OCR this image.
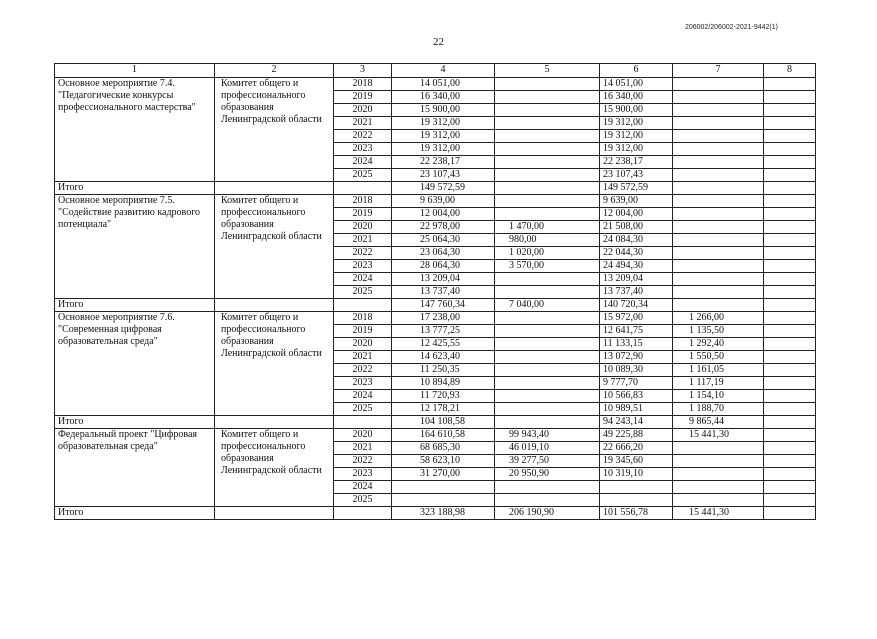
206002/206002-2021-9442(1)
22
1	2	3	4	5	6	7	8
Основное мероприятие 7.4. "Педагогические конкурсы профессионального мастерства"	Комитет общего и профессионального образования Ленинградской области	2018	14 051,00		14 051,00		
		2019	16 340,00		16 340,00		
		2020	15 900,00		15 900,00		
		2021	19 312,00		19 312,00		
		2022	19 312,00		19 312,00		
		2023	19 312,00		19 312,00		
		2024	22 238,17		22 238,17		
		2025	23 107,43		23 107,43		
Итого			149 572,59		149 572,59		
Основное мероприятие 7.5. "Содействие развитию кадрового потенциала"	Комитет общего и профессионального образования Ленинградской области	2018	9 639,00		9 639,00		
		2019	12 004,00		12 004,00		
		2020	22 978,00	1 470,00	21 508,00		
		2021	25 064,30	980,00	24 084,30		
		2022	23 064,30	1 020,00	22 044,30		
		2023	28 064,30	3 570,00	24 494,30		
		2024	13 209,04		13 209,04		
		2025	13 737,40		13 737,40		
Итого			147 760,34	7 040,00	140 720,34		
Основное мероприятие 7.6. "Современная цифровая образовательная среда"	Комитет общего и профессионального образования Ленинградской области	2018	17 238,00		15 972,00	1 266,00	
		2019	13 777,25		12 641,75	1 135,50	
		2020	12 425,55		11 133,15	1 292,40	
		2021	14 623,40		13 072,90	1 550,50	
		2022	11 250,35		10 089,30	1 161,05	
		2023	10 894,89		9 777,70	1 117,19	
		2024	11 720,93		10 566,83	1 154,10	
		2025	12 178,21		10 989,51	1 188,70	
Итого			104 108,58		94 243,14	9 865,44	
Федеральный проект "Цифровая образовательная среда"	Комитет общего и профессионального образования Ленинградской области	2020	164 610,58	99 943,40	49 225,88	15 441,30	
		2021	68 685,30	46 019,10	22 666,20		
		2022	58 623,10	39 277,50	19 345,60		
		2023	31 270,00	20 950,90	10 319,10		
		2024					
		2025					
Итого			323 188,98	206 190,90	101 556,78	15 441,30	
